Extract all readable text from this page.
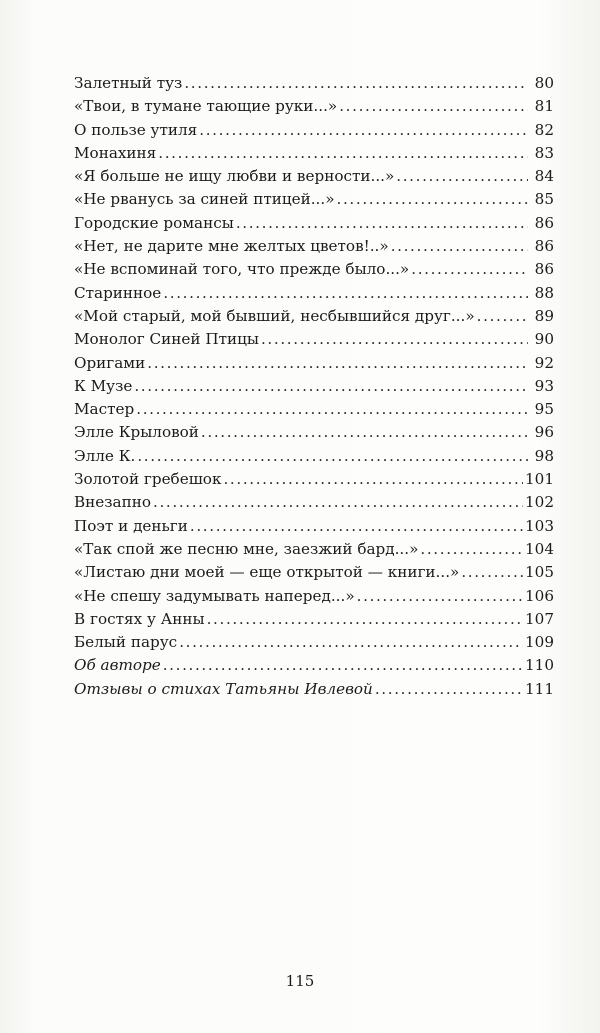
Залетный туз . . .	80
«Твои, в тумане тающие руки...» . . .	81
О пользе утиля . . .	82
Монахиня . . .	83
«Я больше не ищу любви и верности...» . . .	84
«Не рванусь за синей птицей...» . . .	85
Городские романсы . . .	86
«Нет, не дарите мне желтых цветов!..» . . .	86
«Не вспоминай того, что прежде было...» . . .	86
Старинное . . .	88
«Мой старый, мой бывший, несбывшийся друг...» . . .	89
Монолог Синей Птицы . . .	90
Оригами . . .	92
К Музе . . .	93
Мастер . . .	95
Элле Крыловой . . .	96
Элле К. . . .	98
Золотой гребешок . . .	101
Внезапно . . .	102
Поэт и деньги . . .	103
«Так спой же песню мне, заезжий бард...» . . .	104
«Листаю дни моей — еще открытой — книги...» . . .	105
«Не спешу задумывать наперед...» . . .	106
В гостях у Анны . . .	107
Белый парус . . .	109
Об авторе . . .	110
Отзывы о стихах Татьяны Ивлевой . . .	111
115
